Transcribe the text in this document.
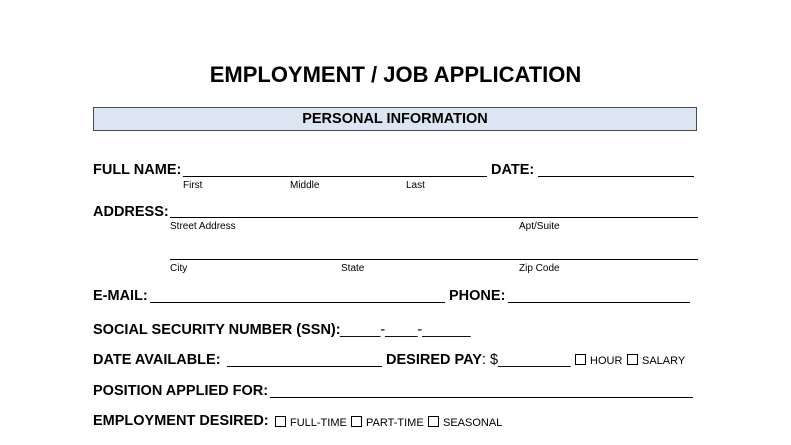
EMPLOYMENT / JOB APPLICATION
PERSONAL INFORMATION
FULL NAME:
First	Middle	Last
DATE:
ADDRESS:
Street Address	Apt/Suite
City	State	Zip Code
E-MAIL:	PHONE:
SOCIAL SECURITY NUMBER (SSN): _____-____-______
DATE AVAILABLE:	DESIRED PAY: $_________	HOUR	SALARY
POSITION APPLIED FOR:
EMPLOYMENT DESIRED:	FULL-TIME	PART-TIME	SEASONAL
